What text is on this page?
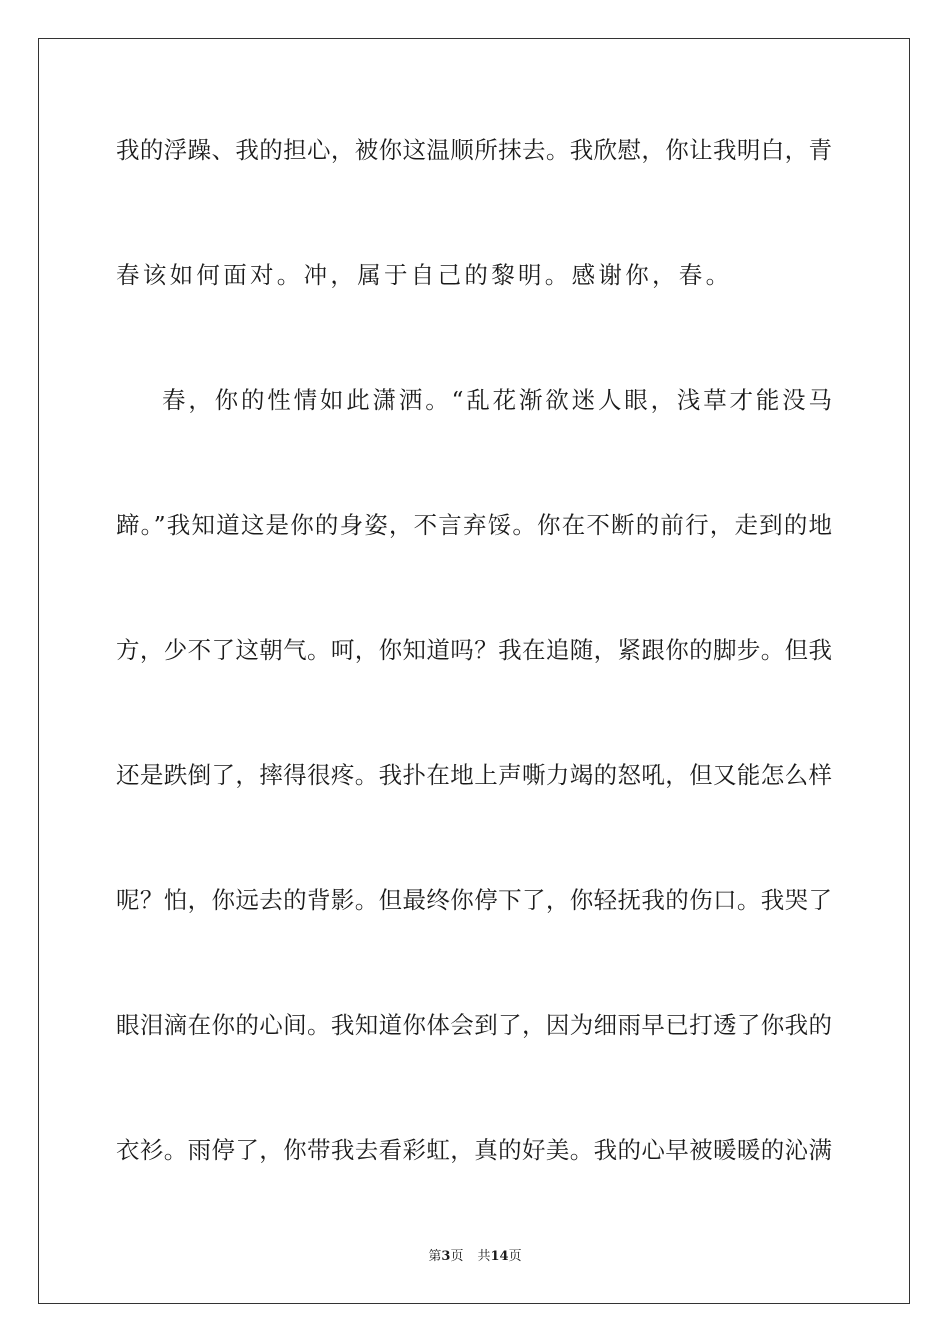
我的浮躁、我的担心，被你这温顺所抹去。我欣慰，你让我明白，青
春该如何面对。冲，属于自己的黎明。感谢你，春。
春，你的性情如此潇洒。“乱花渐欲迷人眼，浅草才能没马
蹄。”我知道这是你的身姿，不言弃馁。你在不断的前行，走到的地
方，少不了这朝气。呵，你知道吗？我在追随，紧跟你的脚步。但我
还是跌倒了，摔得很疼。我扑在地上声嘶力竭的怒吼，但又能怎么样
呢？怕，你远去的背影。但最终你停下了，你轻抚我的伤口。我哭了
眼泪滴在你的心间。我知道你体会到了，因为细雨早已打透了你我的
衣衫。雨停了，你带我去看彩虹，真的好美。我的心早被暖暖的沁满
第3页 共14页
